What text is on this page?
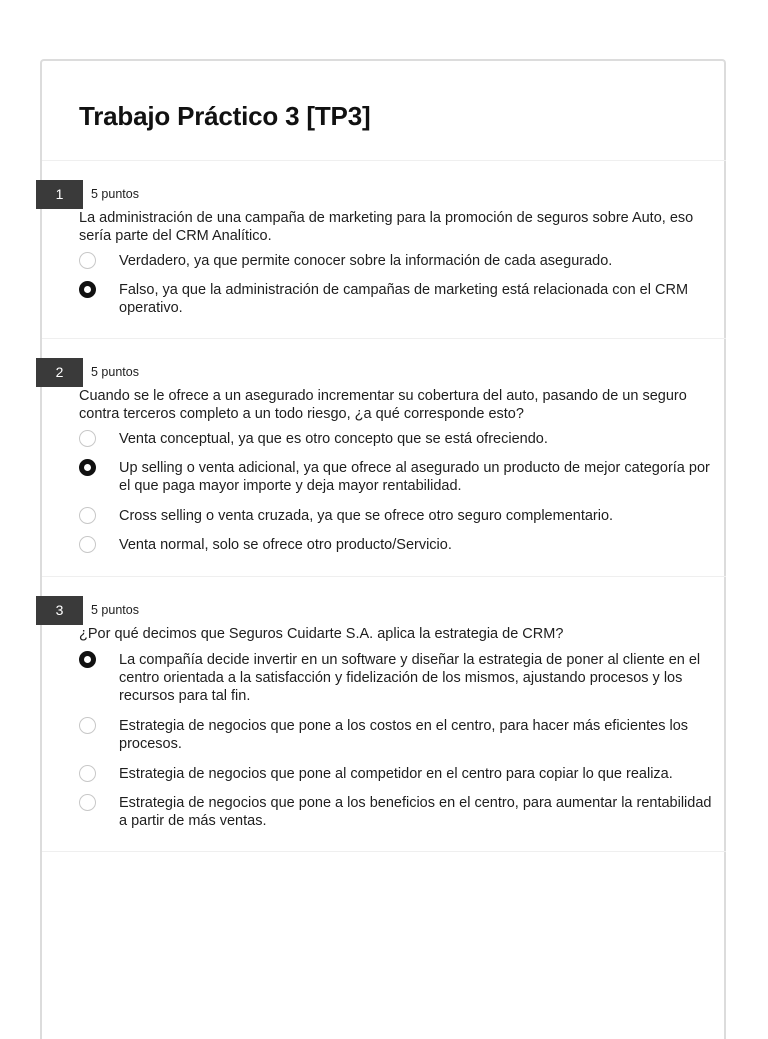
Trabajo Práctico 3 [TP3]
1	5 puntos
La administración de una campaña de marketing para la promoción de seguros sobre Auto, eso sería parte del CRM Analítico.
Verdadero, ya que permite conocer sobre la información de cada asegurado.
Falso, ya que la administración de campañas de marketing está relacionada con el CRM operativo.
2	5 puntos
Cuando se le ofrece a un asegurado incrementar su cobertura del auto, pasando de un seguro contra terceros completo a un todo riesgo, ¿a qué corresponde esto?
Venta conceptual, ya que es otro concepto que se está ofreciendo.
Up selling o venta adicional, ya que ofrece al asegurado un producto de mejor categoría por el que paga mayor importe y deja mayor rentabilidad.
Cross selling o venta cruzada, ya que se ofrece otro seguro complementario.
Venta normal, solo se ofrece otro producto/Servicio.
3	5 puntos
¿Por qué decimos que Seguros Cuidarte S.A. aplica la estrategia de CRM?
La compañía decide invertir en un software y diseñar la estrategia de poner al cliente en el centro orientada a la satisfacción y fidelización de los mismos, ajustando procesos y los recursos para tal fin.
Estrategia de negocios que pone a los costos en el centro, para hacer más eficientes los procesos.
Estrategia de negocios que pone al competidor en el centro para copiar lo que realiza.
Estrategia de negocios que pone a los beneficios en el centro, para aumentar la rentabilidad a partir de más ventas.
